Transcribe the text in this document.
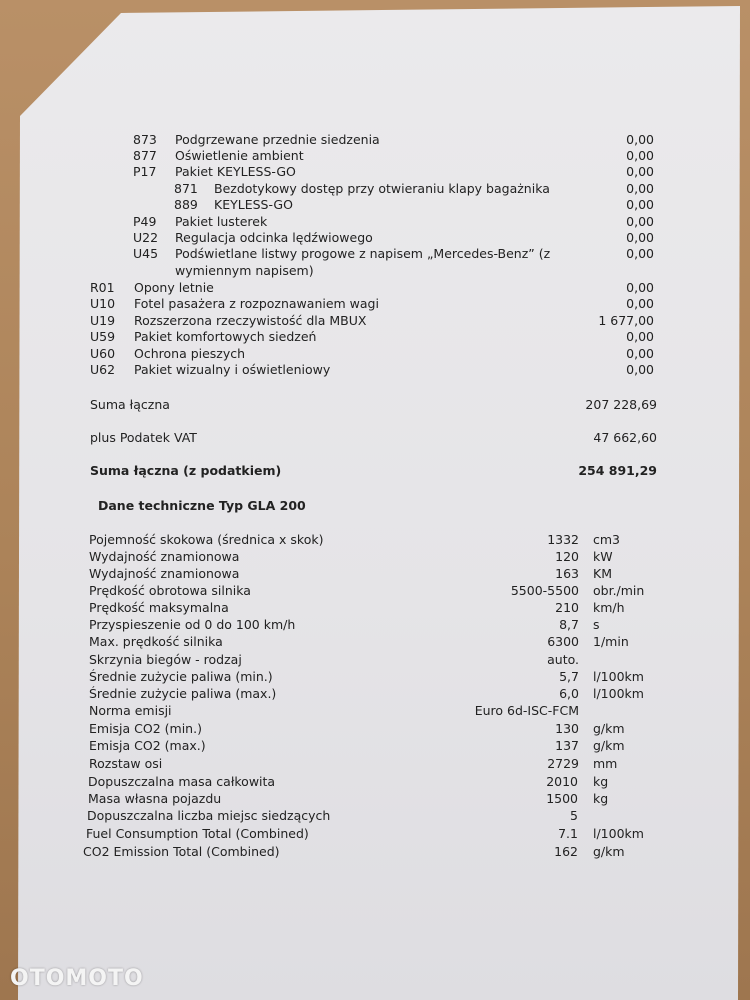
873 Podgrzewane przednie siedzenia	0,00
877 Oświetlenie ambient	0,00
P17 Pakiet KEYLESS-GO	0,00
871 Bezdotykowy dostęp przy otwieraniu klapy bagażnika	0,00
889 KEYLESS-GO	0,00
P49 Pakiet lusterek	0,00
U22 Regulacja odcinka lędźwiowego	0,00
U45 Podświetlane listwy progowe z napisem „Mercedes-Benz” (z	0,00
wymiennym napisem)
R01 Opony letnie	0,00
U10 Fotel pasażera z rozpoznawaniem wagi	0,00
U19 Rozszerzona rzeczywistość dla MBUX	1 677,00
U59 Pakiet komfortowych siedzeń	0,00
U60 Ochrona pieszych	0,00
U62 Pakiet wizualny i oświetleniowy	0,00
Suma łączna	207 228,69
plus Podatek VAT	47 662,60
Suma łączna (z podatkiem)	254 891,29
Dane techniczne Typ GLA 200
Pojemność skokowa (średnica x skok)	1332 cm3
Wydajność znamionowa	120 kW
Wydajność znamionowa	163 KM
Prędkość obrotowa silnika	5500-5500 obr./min
Prędkość maksymalna	210 km/h
Przyspieszenie od 0 do 100 km/h	8,7 s
Max. prędkość silnika	6300 1/min
Skrzynia biegów - rodzaj	auto.
Średnie zużycie paliwa (min.)	5,7 l/100km
Średnie zużycie paliwa (max.)	6,0 l/100km
Norma emisji	Euro 6d-ISC-FCM
Emisja CO2 (min.)	130 g/km
Emisja CO2 (max.)	137 g/km
Rozstaw osi	2729 mm
Dopuszczalna masa całkowita	2010 kg
Masa własna pojazdu	1500 kg
Dopuszczalna liczba miejsc siedzących	5
Fuel Consumption Total (Combined)	7.1 l/100km
CO2 Emission Total (Combined)	162 g/km
OTOMOTO
